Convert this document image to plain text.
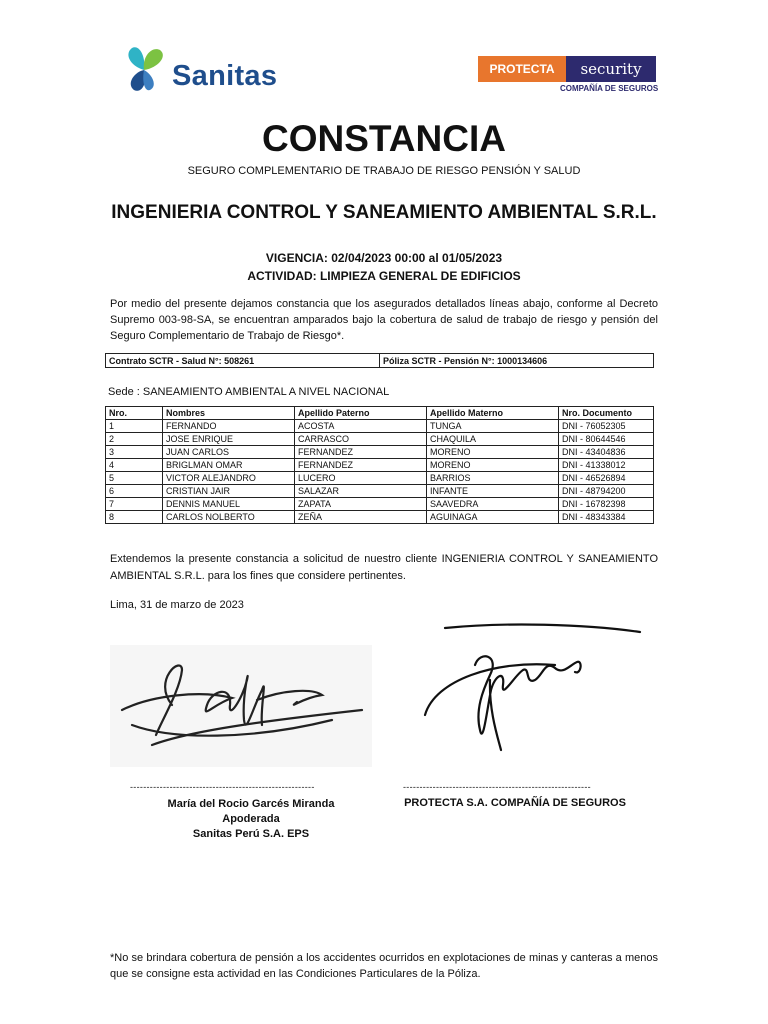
Sanitas	PROTECTA	security
COMPAÑÍA DE SEGUROS
CONSTANCIA
SEGURO COMPLEMENTARIO DE TRABAJO DE RIESGO PENSIÓN Y SALUD
INGENIERIA CONTROL Y SANEAMIENTO AMBIENTAL S.R.L.
VIGENCIA: 02/04/2023 00:00 al 01/05/2023
ACTIVIDAD: LIMPIEZA GENERAL DE EDIFICIOS
Por medio del presente dejamos constancia que los asegurados detallados líneas abajo, conforme al Decreto Supremo 003-98-SA, se encuentran amparados bajo la cobertura de salud de trabajo de riesgo y pensión del Seguro Complementario de Trabajo de Riesgo*.
Contrato SCTR - Salud N°: 508261	Póliza SCTR - Pensión N°: 1000134606
Sede : SANEAMIENTO AMBIENTAL A NIVEL NACIONAL
Nro.	Nombres	Apellido Paterno	Apellido Materno	Nro. Documento
1	FERNANDO	ACOSTA	TUNGA	DNI - 76052305
2	JOSE ENRIQUE	CARRASCO	CHAQUILA	DNI - 80644546
3	JUAN CARLOS	FERNANDEZ	MORENO	DNI - 43404836
4	BRIGLMAN OMAR	FERNANDEZ	MORENO	DNI - 41338012
5	VICTOR ALEJANDRO	LUCERO	BARRIOS	DNI - 46526894
6	CRISTIAN JAIR	SALAZAR	INFANTE	DNI - 48794200
7	DENNIS MANUEL	ZAPATA	SAAVEDRA	DNI - 16782398
8	CARLOS NOLBERTO	ZEÑA	AGUINAGA	DNI - 48343384
Extendemos la presente constancia a solicitud de nuestro cliente INGENIERIA CONTROL Y SANEAMIENTO AMBIENTAL S.R.L. para los fines que considere pertinentes.
Lima, 31 de marzo de 2023
--------------------------------------------------------	---------------------------------------------------------
María del Rocio Garcés Miranda
Apoderada
Sanitas Perú S.A. EPS
PROTECTA S.A. COMPAÑÍA DE SEGUROS
*No se brindara cobertura de pensión a los accidentes ocurridos en explotaciones de minas y canteras a menos que se consigne esta actividad en las Condiciones Particulares de la Póliza.
